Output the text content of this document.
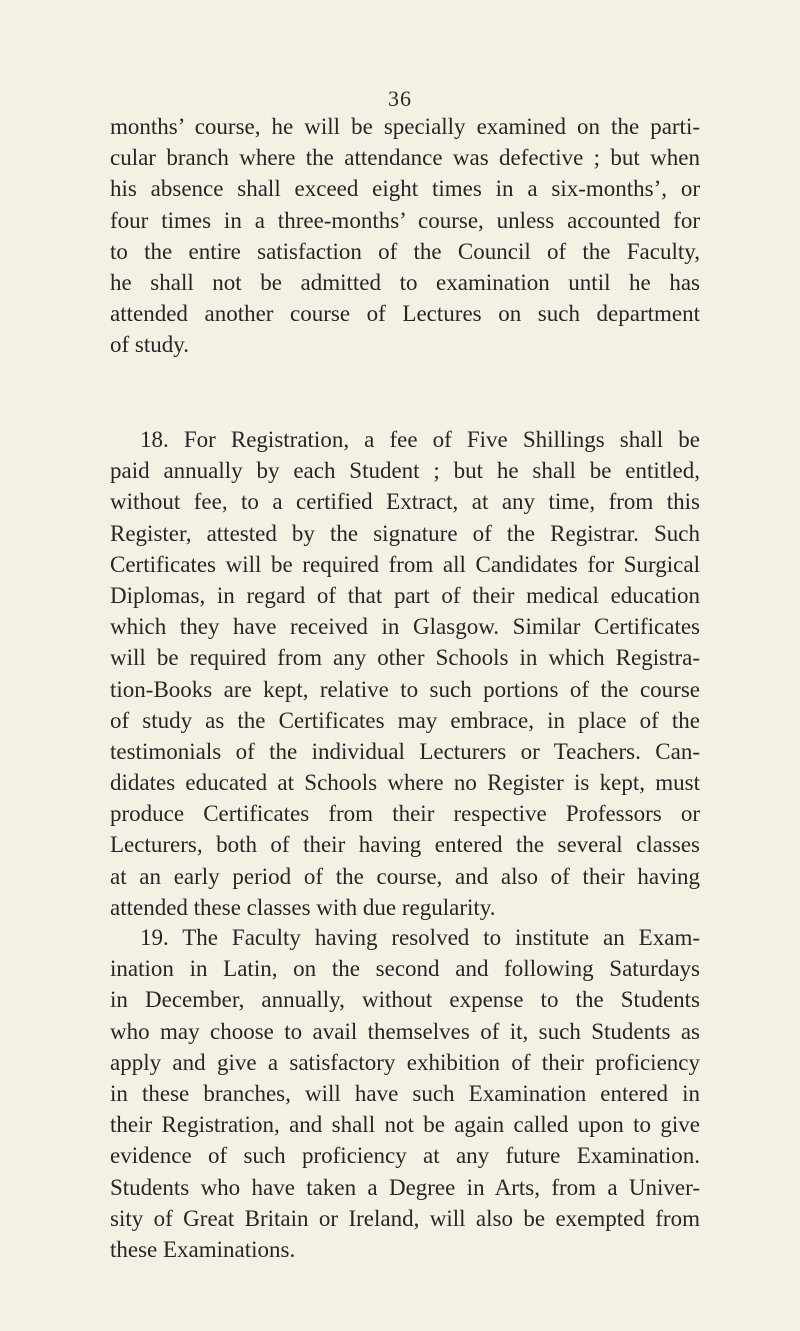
36
months’ course, he will be specially examined on the parti-
cular branch where the attendance was defective ; but when
his absence shall exceed eight times in a six-months’, or
four times in a three-months’ course, unless accounted for
to the entire satisfaction of the Council of the Faculty,
he shall not be admitted to examination until he has
attended another course of Lectures on such department
of study.
18. For Registration, a fee of Five Shillings shall be
paid annually by each Student ; but he shall be entitled,
without fee, to a certified Extract, at any time, from this
Register, attested by the signature of the Registrar. Such
Certificates will be required from all Candidates for Surgical
Diplomas, in regard of that part of their medical education
which they have received in Glasgow. Similar Certificates
will be required from any other Schools in which Registra-
tion-Books are kept, relative to such portions of the course
of study as the Certificates may embrace, in place of the
testimonials of the individual Lecturers or Teachers. Can-
didates educated at Schools where no Register is kept, must
produce Certificates from their respective Professors or
Lecturers, both of their having entered the several classes
at an early period of the course, and also of their having
attended these classes with due regularity.
19. The Faculty having resolved to institute an Exam-
ination in Latin, on the second and following Saturdays
in December, annually, without expense to the Students
who may choose to avail themselves of it, such Students as
apply and give a satisfactory exhibition of their proficiency
in these branches, will have such Examination entered in
their Registration, and shall not be again called upon to give
evidence of such proficiency at any future Examination.
Students who have taken a Degree in Arts, from a Univer-
sity of Great Britain or Ireland, will also be exempted from
these Examinations.
